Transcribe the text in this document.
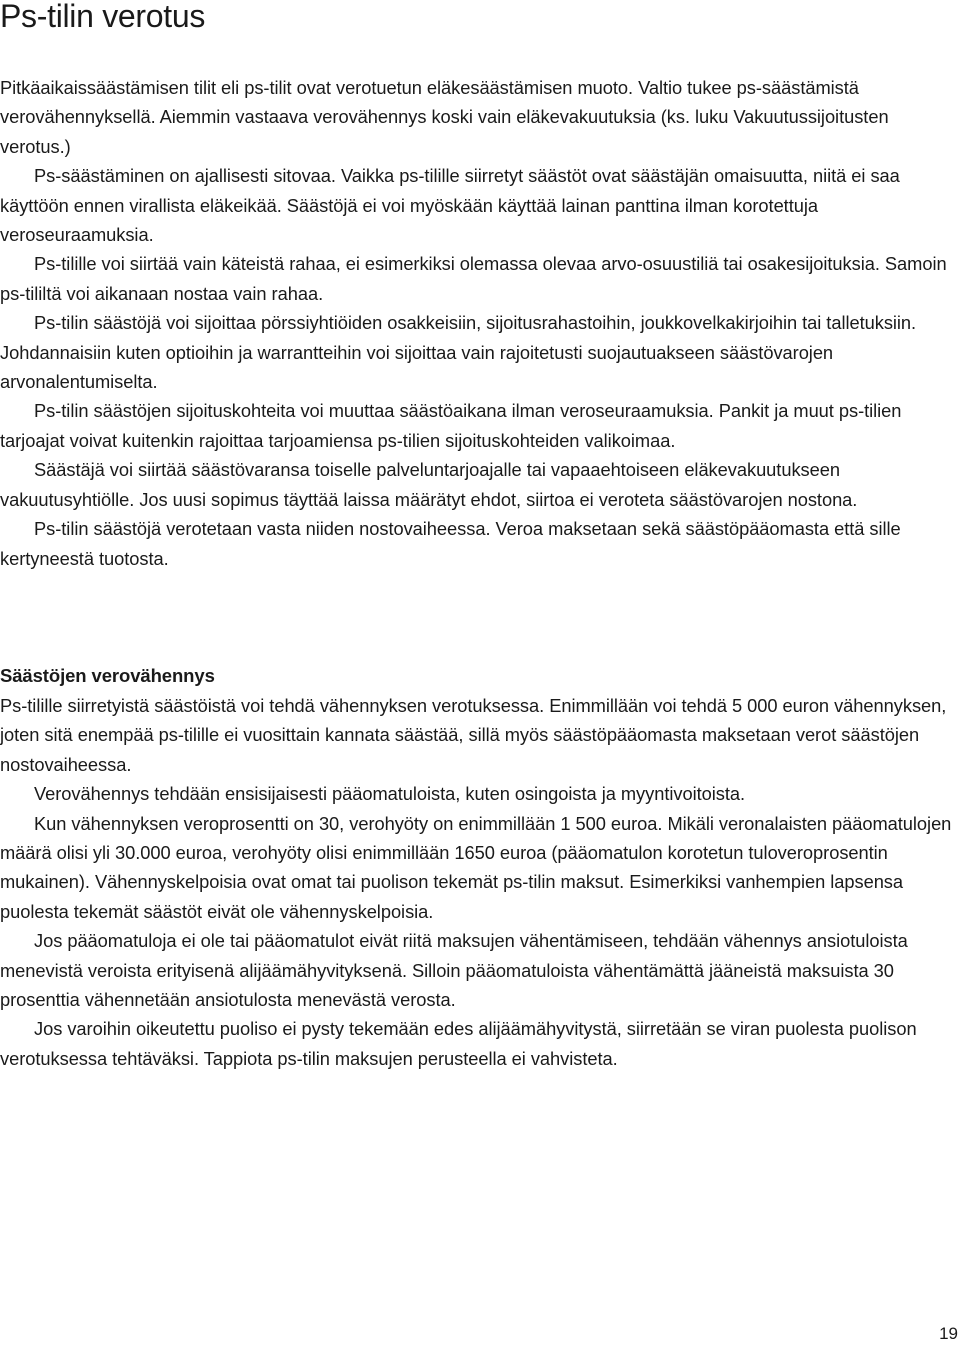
Ps-tilin verotus

Pitkäaikaissäästämisen tilit eli ps-tilit ovat verotuetun eläkesäästämisen muoto. Valtio tukee ps-säästämistä verovähennyksellä. Aiemmin vastaava verovähennys koski vain eläkevakuutuksia (ks. luku Vakuutussijoitusten verotus.)

Ps-säästäminen on ajallisesti sitovaa. Vaikka ps-tilille siirretyt säästöt ovat säästäjän omaisuutta, niitä ei saa käyttöön ennen virallista eläkeikää. Säästöjä ei voi myöskään käyttää lainan panttina ilman korotettuja veroseuraamuksia.

Ps-tilille voi siirtää vain käteistä rahaa, ei esimerkiksi olemassa olevaa arvo-osuustiliä tai osakesijoituksia. Samoin ps-tililtä voi aikanaan nostaa vain rahaa.

Ps-tilin säästöjä voi sijoittaa pörssiyhtiöiden osakkeisiin, sijoitusrahastoihin, joukkovelkakirjoihin tai talletuksiin. Johdannaisiin kuten optioihin ja warrantteihin voi sijoittaa vain rajoitetusti suojautuakseen säästövarojen arvonalentumiselta.

Ps-tilin säästöjen sijoituskohteita voi muuttaa säästöaikana ilman veroseuraamuksia. Pankit ja muut ps-tilien tarjoajat voivat kuitenkin rajoittaa tarjoamiensa ps-tilien sijoituskohteiden valikoimaa.

Säästäjä voi siirtää säästövaransa toiselle palveluntarjoajalle tai vapaaehtoiseen eläkevakuutukseen vakuutusyhtiölle. Jos uusi sopimus täyttää laissa määrätyt ehdot, siirtoa ei veroteta säästövarojen nostona.

Ps-tilin säästöjä verotetaan vasta niiden nostovaiheessa. Veroa maksetaan sekä säästöpääomasta että sille kertyneestä tuotosta.

Säästöjen verovähennys

Ps-tilille siirretyistä säästöistä voi tehdä vähennyksen verotuksessa. Enimmillään voi tehdä 5 000 euron vähennyksen, joten sitä enempää ps-tilille ei vuosittain kannata säästää, sillä myös säästöpääomasta maksetaan verot säästöjen nostovaiheessa.

Verovähennys tehdään ensisijaisesti pääomatuloista, kuten osingoista ja myyntivoitoista.

Kun vähennyksen veroprosentti on 30, verohyöty on enimmillään 1 500 euroa. Mikäli veronalaisten pääomatulojen määrä olisi yli 30.000 euroa, verohyöty olisi enimmillään 1650 euroa (pääomatulon korotetun tuloveroprosentin mukainen). Vähennyskelpoisia ovat omat tai puolison tekemät ps-tilin maksut. Esimerkiksi vanhempien lapsensa puolesta tekemät säästöt eivät ole vähennyskelpoisia.

Jos pääomatuloja ei ole tai pääomatulot eivät riitä maksujen vähentämiseen, tehdään vähennys ansiotuloista menevistä veroista erityisenä alijäämähyvityksenä. Silloin pääomatuloista vähentämättä jääneistä maksuista 30 prosenttia vähennetään ansiotulosta menevästä verosta.

Jos varoihin oikeutettu puoliso ei pysty tekemään edes alijäämähyvitystä, siirretään se viran puolesta puolison verotuksessa tehtäväksi. Tappiota ps-tilin maksujen perusteella ei vahvisteta.

19
